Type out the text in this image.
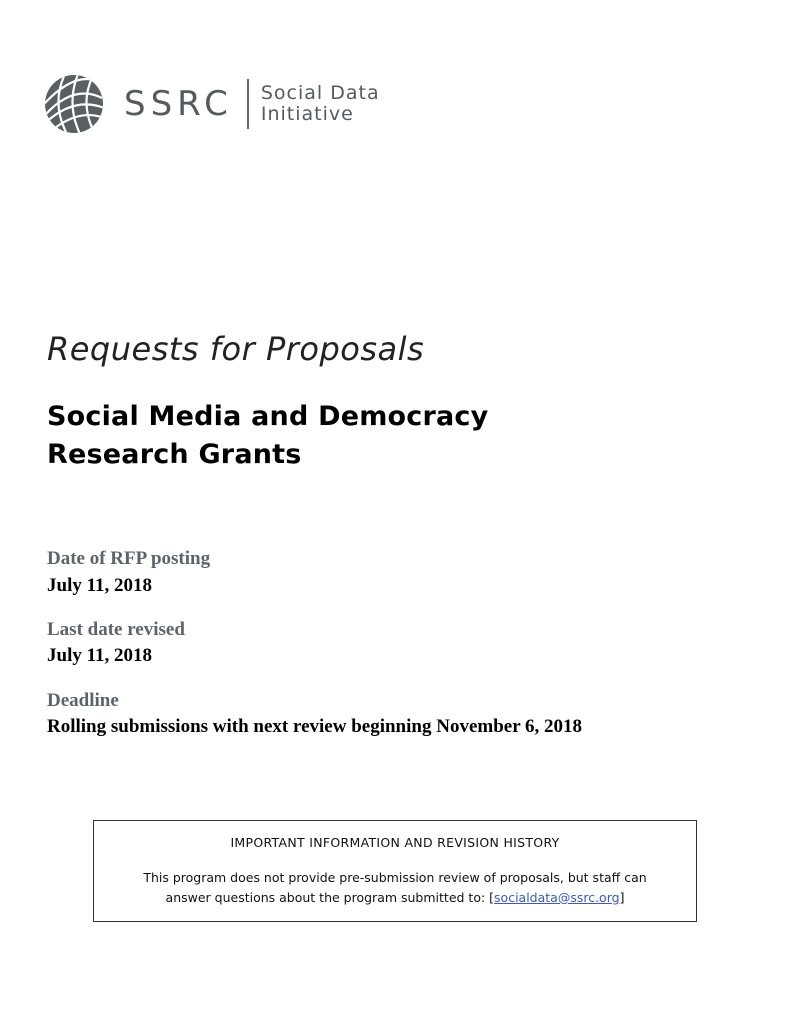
SSRC Social Data
Initiative
Requests for Proposals
Social Media and Democracy
Research Grants

Date of RFP posting

July 11, 2018

Last date revised

July 11, 2018

Deadline

Rolling submissions with next review beginning November 6, 2018

IMPORTANT INFORMATION AND REVISION HISTORY
This program does not provide pre-submission review of proposals, but staff can
answer questions about the program submitted to: [socialdata@ssrc.org]
